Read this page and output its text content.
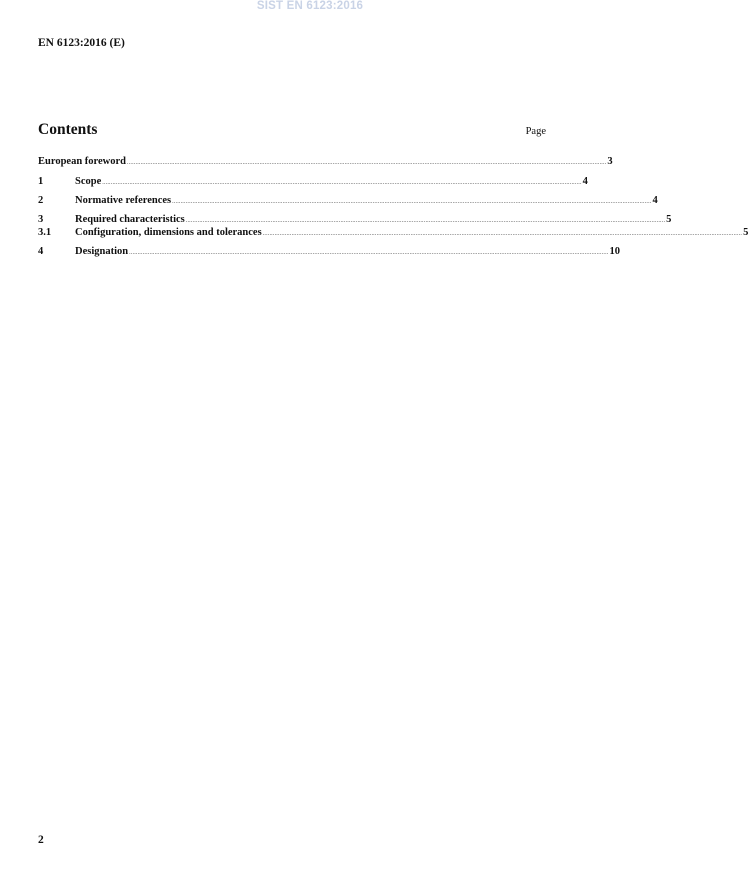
SIST EN 6123:2016
EN 6123:2016 (E)
Contents	Page
European foreword .......................................................................................................................................................................................................................................................................................... 3
1	Scope .......................................................................................................................................................................................................................................................................................... 4
2	Normative references .......................................................................................................................................................................................................................................................................................... 4
3	Required characteristics .......................................................................................................................................................................................................................................................................................... 5
3.1	Configuration, dimensions and tolerances .......................................................................................................................................................................................................................................................................................... 5
4	Designation .......................................................................................................................................................................................................................................................................................... 10
2
